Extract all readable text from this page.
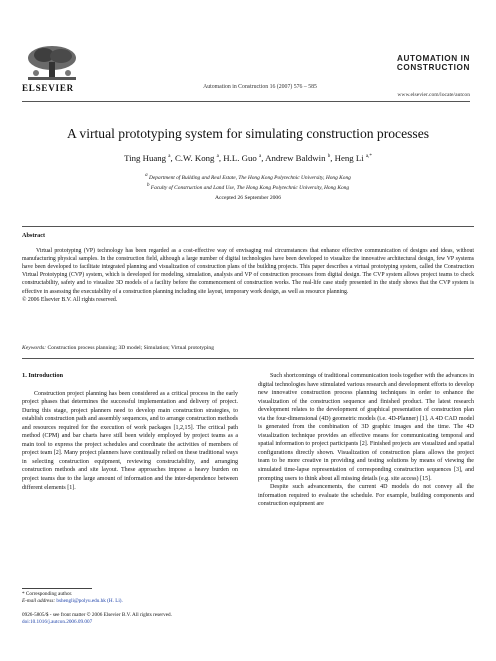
ELSEVIER	Automation in Construction 16 (2007) 576 – 585
AUTOMATION IN
CONSTRUCTION
www.elsevier.com/locate/autcon
A virtual prototyping system for simulating construction processes
Ting Huang $^a$, C.W. Kong $^a$, H.L. Guo $^a$, Andrew Baldwin $^b$, Heng Li $^{a,*}$
$^a$ Department of Building and Real Estate, The Hong Kong Polytechnic University, Hong Kong
$^b$ Faculty of Construction and Land Use, The Hong Kong Polytechnic University, Hong Kong
Accepted 26 September 2006
Abstract
Virtual prototyping (VP) technology has been regarded as a cost-effective way of envisaging real circumstances that enhance effective communication of designs and ideas, without manufacturing physical samples. In the construction field, although a large number of digital technologies have been developed to visualize the innovative architectural design, few VP systems have been developed to facilitate integrated planning and visualization of construction plans of the building projects. This paper describes a virtual prototyping system, called the Construction Virtual Prototyping (CVP) system, which is developed for modeling, simulation, analysis and VP of construction processes from digital design. The CVP system allows project teams to check constructability, safety and to visualize 3D models of a facility before the commencement of construction works. The real-life case study presented in the study shows that the CVP system is effective in assessing the executability of a construction planning including site layout, temporary work design, as well as resource planning.
© 2006 Elsevier B.V. All rights reserved.
Keywords: Construction process planning; 3D model; Simulation; Virtual prototyping
1. Introduction

Construction project planning has been considered as a critical process in the early project phases that determines the successful implementation and delivery of project. During this stage, project planners need to develop main construction strategies, to establish construction path and assembly sequences, and to arrange construction methods and resources required for the execution of work packages [1,2,15]. The critical path method (CPM) and bar charts have still been widely employed by project teams as a main tool to express the project schedules and coordinate the activities of members of project team [2]. Many project planners have continually relied on these traditional ways in selecting construction equipment, reviewing constructability, and arranging construction methods and site layout. These approaches impose a heavy burden on project teams due to the large amount of information and the inter-dependence between different elements [1].

Such shortcomings of traditional communication tools together with the advances in digital technologies have stimulated various research and development efforts to develop new innovative construction process planning techniques in order to enhance the visualization of the construction sequence and finished product. The latest research development relates to the development of graphical presentation of construction plan via the four-dimensional (4D) geometric models (i.e. 4D-Planner) [1]. A 4D CAD model is generated from the combination of 3D graphic images and the time. The 4D visualization technique provides an effective means for communicating temporal and spatial information to project participants [2]. Finished projects are visualized and spatial configurations directly shown. Visualization of construction plans allows the project team to be more creative in providing and testing solutions by means of viewing the simulated time-lapse representation of corresponding construction sequences [3], and prompting users to think about all missing details (e.g. site access) [15].

Despite such advancements, the current 4D models do not convey all the information required to evaluate the schedule. For example, building components and construction equipment are

* Corresponding author.
E-mail address: bshengli@polyu.edu.hk (H. Li).
0926-5805/$ - see front matter © 2006 Elsevier B.V. All rights reserved.
doi:10.1016/j.autcon.2006.09.007
